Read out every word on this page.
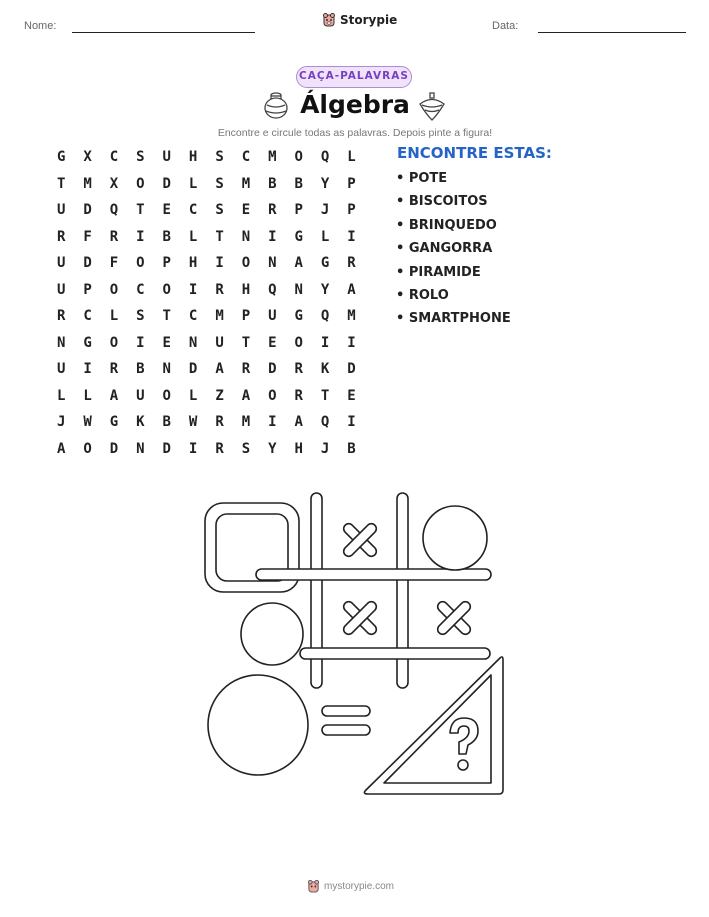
Nome:	Storypie	Data:
CAÇA-PALAVRAS
Álgebra
Encontre e circule todas as palavras. Depois pinte a figura!
G	X	C	S	U	H	S	C	M	O	Q	L
T	M	X	O	D	L	S	M	B	B	Y	P
U	D	Q	T	E	C	S	E	R	P	J	P
R	F	R	I	B	L	T	N	I	G	L	I
U	D	F	O	P	H	I	O	N	A	G	R
U	P	O	C	O	I	R	H	Q	N	Y	A
R	C	L	S	T	C	M	P	U	G	Q	M
N	G	O	I	E	N	U	T	E	O	I	I
U	I	R	B	N	D	A	R	D	R	K	D
L	L	A	U	O	L	Z	A	O	R	T	E
J	W	G	K	B	W	R	M	I	A	Q	I
A	O	D	N	D	I	R	S	Y	H	J	B
ENCONTRE ESTAS:
• POTE
• BISCOITOS
• BRINQUEDO
• GANGORRA
• PIRAMIDE
• ROLO
• SMARTPHONE
mystorypie.com
